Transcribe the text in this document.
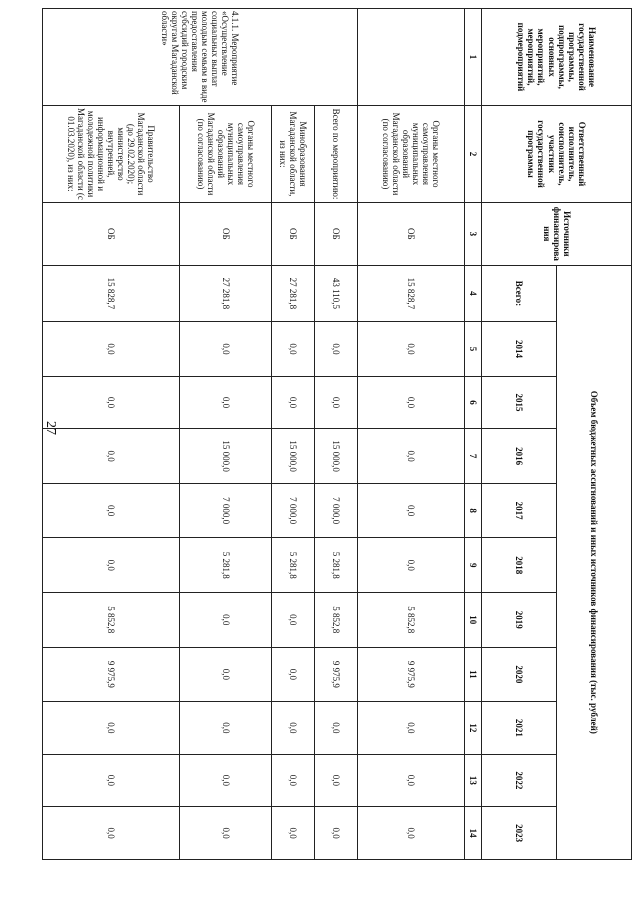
27
Наименование государственной программы, подпрограммы, основных мероприятий, мероприятий, подмероприятий	Ответственный исполнитель, соисполнитель, участник государственной программы	Источники финансирования	Объем бюджетных ассигнований и иных источников финансирования (тыс. рублей)										
			Всего:	2014	2015	2016	2017	2018	2019	2020	2021	2022	2023
1	2	3	4	5	6	7	8	9	10	11	12	13	14
	Органы местного самоуправления муниципальных образований Магаданской области (по согласованию)	ОБ	15 828,7	0,0	0,0	0,0	0,0	0,0	5 852,8	9 975,9	0,0	0,0	0,0
4.1.1. Мероприятие «Осуществление социальных выплат молодым семьям в виде предоставления субсидий городским округам Магаданской области»	Всего по мероприятию:	ОБ	43 110,5	0,0	0,0	15 000,0	7 000,0	5 281,8	5 852,8	9 975,9	0,0	0,0	0,0
	Минобразования Магаданской области, из них:	ОБ	27 281,8	0,0	0,0	15 000,0	7 000,0	5 281,8	0,0	0,0	0,0	0,0	0,0
	Органы местного самоуправления муниципальных образований Магаданской области (по согласованию)	ОБ	27 281,8	0,0	0,0	15 000,0	7 000,0	5 281,8	0,0	0,0	0,0	0,0	0,0
	Правительство Магаданской области (до 29.02.2020); министерство внутренней, информационной и молодежной политики Магаданской области (с 01.03.2020), из них:	ОБ	15 828,7	0,0	0,0	0,0	0,0	0,0	5 852,8	9 975,9	0,0	0,0	0,0
